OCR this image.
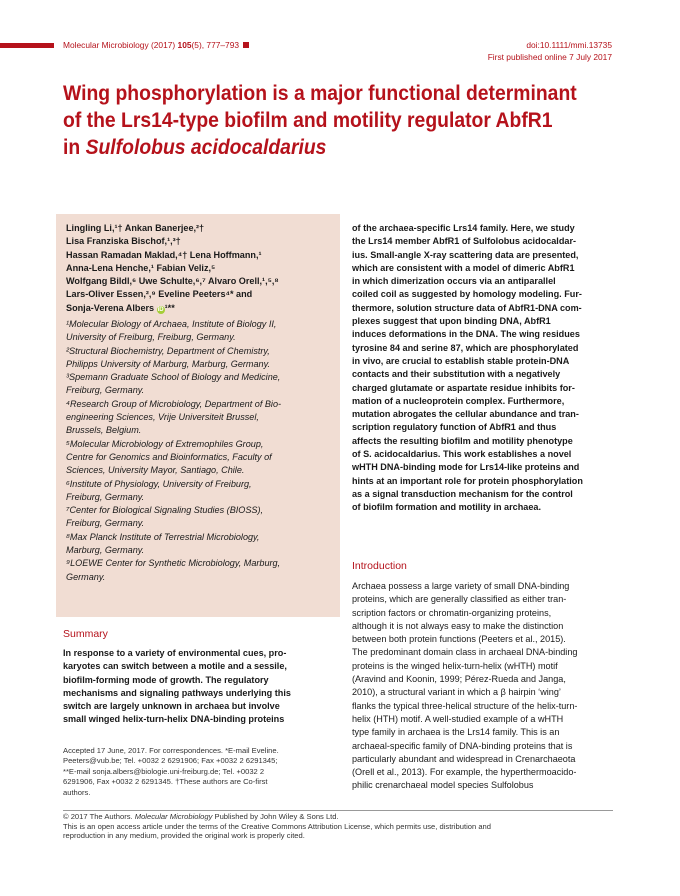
Molecular Microbiology (2017) 105(5), 777–793	doi:10.1111/mmi.13735
First published online 7 July 2017
Wing phosphorylation is a major functional determinant
of the Lrs14-type biofilm and motility regulator AbfR1
in Sulfolobus acidocaldarius
Lingling Li,¹† Ankan Banerjee,²†
Lisa Franziska Bischof,¹,³†
Hassan Ramadan Maklad,⁴† Lena Hoffmann,¹
Anna-Lena Henche,¹ Fabian Veliz,⁵
Wolfgang Bildl,⁶ Uwe Schulte,⁶,⁷ Alvaro Orell,¹,⁵,⁸
Lars-Oliver Essen,²,⁹ Eveline Peeters⁴* and
Sonja-Verena Albers iD¹**
¹Molecular Biology of Archaea, Institute of Biology II,
University of Freiburg, Freiburg, Germany.
²Structural Biochemistry, Department of Chemistry,
Philipps University of Marburg, Marburg, Germany.
³Spemann Graduate School of Biology and Medicine,
Freiburg, Germany.
⁴Research Group of Microbiology, Department of Bio-
engineering Sciences, Vrije Universiteit Brussel,
Brussels, Belgium.
⁵Molecular Microbiology of Extremophiles Group,
Centre for Genomics and Bioinformatics, Faculty of
Sciences, University Mayor, Santiago, Chile.
⁶Institute of Physiology, University of Freiburg,
Freiburg, Germany.
⁷Center for Biological Signaling Studies (BIOSS),
Freiburg, Germany.
⁸Max Planck Institute of Terrestrial Microbiology,
Marburg, Germany.
⁹LOEWE Center for Synthetic Microbiology, Marburg,
Germany.
Summary
In response to a variety of environmental cues, pro-
karyotes can switch between a motile and a sessile,
biofilm-forming mode of growth. The regulatory
mechanisms and signaling pathways underlying this
switch are largely unknown in archaea but involve
small winged helix-turn-helix DNA-binding proteins
Accepted 17 June, 2017. For correspondences. *E-mail Eveline.
Peeters@vub.be; Tel. +0032 2 6291906; Fax +0032 2 6291345;
**E-mail sonja.albers@biologie.uni-freiburg.de; Tel. +0032 2
6291906, Fax +0032 2 6291345. †These authors are Co-first
authors.
of the archaea-specific Lrs14 family. Here, we study
the Lrs14 member AbfR1 of Sulfolobus acidocaldar-
ius. Small-angle X-ray scattering data are presented,
which are consistent with a model of dimeric AbfR1
in which dimerization occurs via an antiparallel
coiled coil as suggested by homology modeling. Fur-
thermore, solution structure data of AbfR1-DNA com-
plexes suggest that upon binding DNA, AbfR1
induces deformations in the DNA. The wing residues
tyrosine 84 and serine 87, which are phosphorylated
in vivo, are crucial to establish stable protein-DNA
contacts and their substitution with a negatively
charged glutamate or aspartate residue inhibits for-
mation of a nucleoprotein complex. Furthermore,
mutation abrogates the cellular abundance and tran-
scription regulatory function of AbfR1 and thus
affects the resulting biofilm and motility phenotype
of S. acidocaldarius. This work establishes a novel
wHTH DNA-binding mode for Lrs14-like proteins and
hints at an important role for protein phosphorylation
as a signal transduction mechanism for the control
of biofilm formation and motility in archaea.
Introduction
Archaea possess a large variety of small DNA-binding
proteins, which are generally classified as either tran-
scription factors or chromatin-organizing proteins,
although it is not always easy to make the distinction
between both protein functions (Peeters et al., 2015).
The predominant domain class in archaeal DNA-binding
proteins is the winged helix-turn-helix (wHTH) motif
(Aravind and Koonin, 1999; Pérez-Rueda and Janga,
2010), a structural variant in which a β hairpin ‘wing’
flanks the typical three-helical structure of the helix-turn-
helix (HTH) motif. A well-studied example of a wHTH
type family in archaea is the Lrs14 family. This is an
archaeal-specific family of DNA-binding proteins that is
particularly abundant and widespread in Crenarchaeota
(Orell et al., 2013). For example, the hyperthermoacido-
philic crenarchaeal model species Sulfolobus
© 2017 The Authors. Molecular Microbiology Published by John Wiley & Sons Ltd.
This is an open access article under the terms of the Creative Commons Attribution License, which permits use, distribution and
reproduction in any medium, provided the original work is properly cited.
